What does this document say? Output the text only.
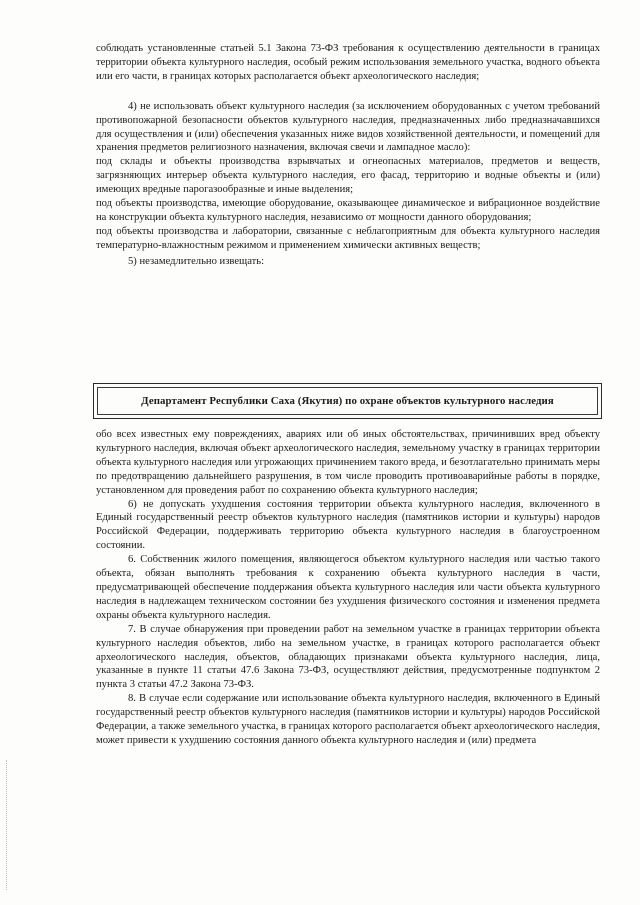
соблюдать установленные статьей 5.1 Закона 73-ФЗ требования к осуществлению деятельности в границах территории объекта культурного наследия, особый режим использования земельного участка, водного объекта или его части, в границах которых располагается объект археологического наследия;

4) не использовать объект культурного наследия (за исключением оборудованных с учетом требований противопожарной безопасности объектов культурного наследия, предназначенных либо предназначавшихся для осуществления и (или) обеспечения указанных ниже видов хозяйственной деятельности, и помещений для хранения предметов религиозного назначения, включая свечи и лампадное масло):

под склады и объекты производства взрывчатых и огнеопасных материалов, предметов и веществ, загрязняющих интерьер объекта культурного наследия, его фасад, территорию и водные объекты и (или) имеющих вредные парогазообразные и иные выделения;

под объекты производства, имеющие оборудование, оказывающее динамическое и вибрационное воздействие на конструкции объекта культурного наследия, независимо от мощности данного оборудования;

под объекты производства и лаборатории, связанные с неблагоприятным для объекта культурного наследия температурно-влажностным режимом и применением химически активных веществ;

5) незамедлительно извещать:

Департамент Республики Саха (Якутия) по охране объектов культурного наследия

обо всех известных ему повреждениях, авариях или об иных обстоятельствах, причинивших вред объекту культурного наследия, включая объект археологического наследия, земельному участку в границах территории объекта культурного наследия или угрожающих причинением такого вреда, и безотлагательно принимать меры по предотвращению дальнейшего разрушения, в том числе проводить противоаварийные работы в порядке, установленном для проведения работ по сохранению объекта культурного наследия;

6) не допускать ухудшения состояния территории объекта культурного наследия, включенного в Единый государственный реестр объектов культурного наследия (памятников истории и культуры) народов Российской Федерации, поддерживать территорию объекта культурного наследия в благоустроенном состоянии.

6. Собственник жилого помещения, являющегося объектом культурного наследия или частью такого объекта, обязан выполнять требования к сохранению объекта культурного наследия в части, предусматривающей обеспечение поддержания объекта культурного наследия или части объекта культурного наследия в надлежащем техническом состоянии без ухудшения физического состояния и изменения предмета охраны объекта культурного наследия.

7. В случае обнаружения при проведении работ на земельном участке в границах территории объекта культурного наследия объектов, либо на земельном участке, в границах которого располагается объект археологического наследия, объектов, обладающих признаками объекта культурного наследия, лица, указанные в пункте 11 статьи 47.6 Закона 73-ФЗ, осуществляют действия, предусмотренные подпунктом 2 пункта 3 статьи 47.2 Закона 73-ФЗ.

8. В случае если содержание или использование объекта культурного наследия, включенного в Единый государственный реестр объектов культурного наследия (памятников истории и культуры) народов Российской Федерации, а также земельного участка, в границах которого располагается объект археологического наследия, может привести к ухудшению состояния данного объекта культурного наследия и (или) предмета
